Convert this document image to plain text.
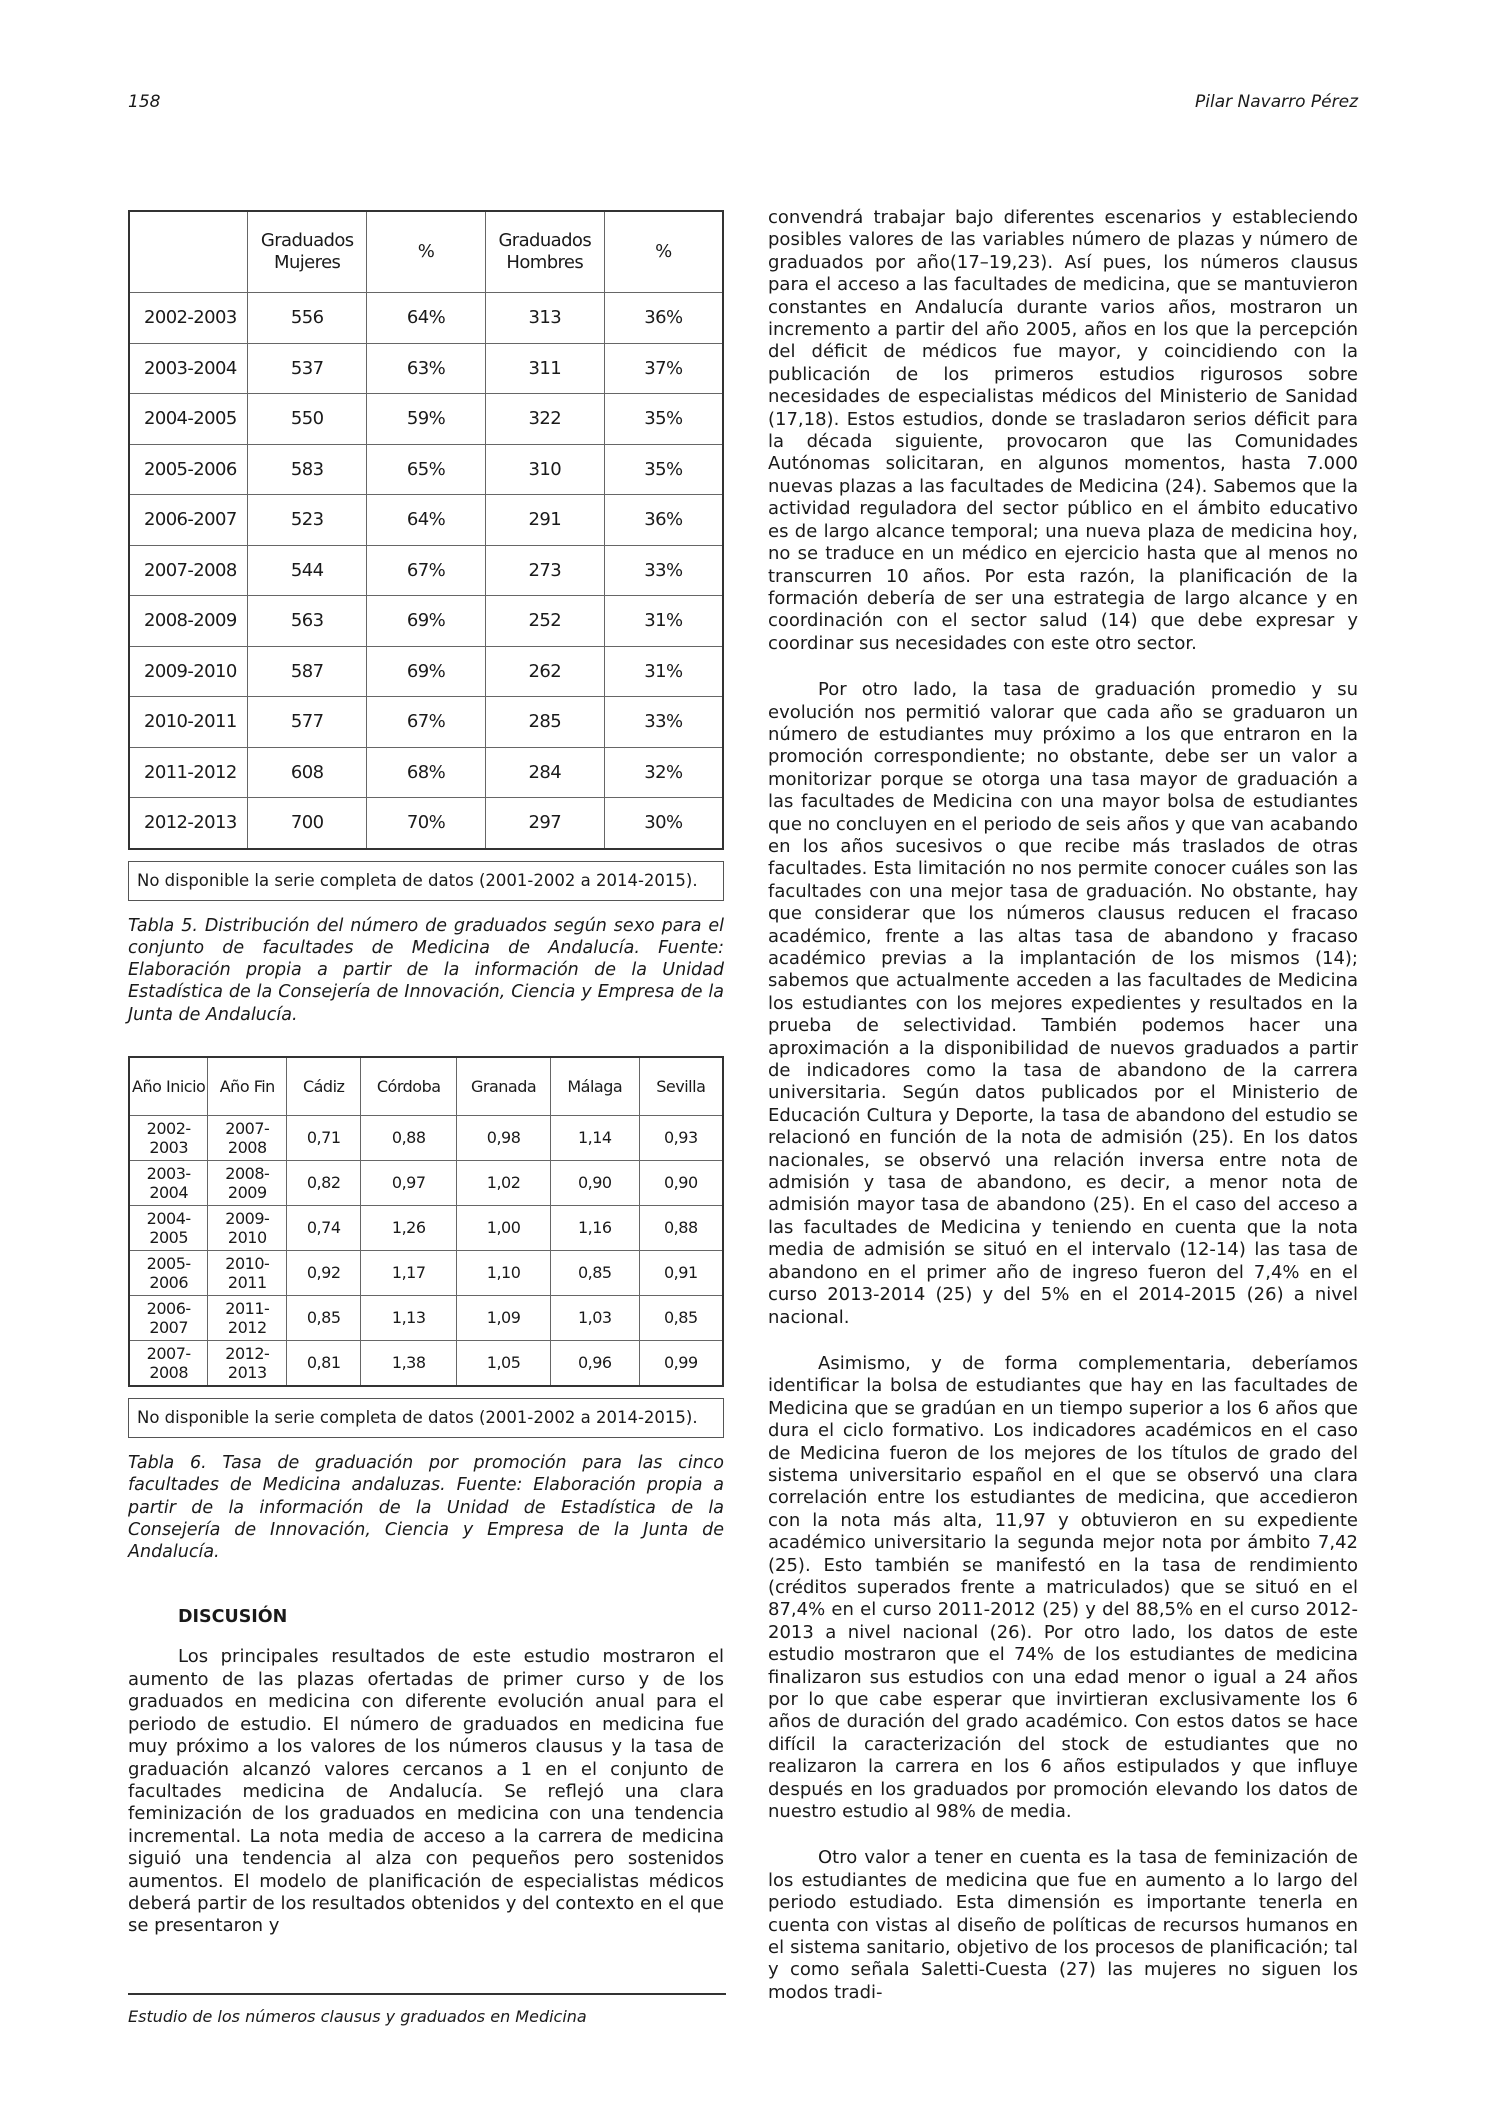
158	Pilar Navarro Pérez
	Graduados Mujeres	%	Graduados Hombres	%
2002-2003	556	64%	313	36%
2003-2004	537	63%	311	37%
2004-2005	550	59%	322	35%
2005-2006	583	65%	310	35%
2006-2007	523	64%	291	36%
2007-2008	544	67%	273	33%
2008-2009	563	69%	252	31%
2009-2010	587	69%	262	31%
2010-2011	577	67%	285	33%
2011-2012	608	68%	284	32%
2012-2013	700	70%	297	30%
No disponible la serie completa de datos (2001-2002 a 2014-2015).
Tabla 5. Distribución del número de graduados según sexo para el conjunto de facultades de Medicina de Andalucía. Fuente: Elaboración propia a partir de la información de la Unidad Estadística de la Consejería de Innovación, Ciencia y Empresa de la Junta de Andalucía.
Año Inicio	Año Fin	Cádiz	Córdoba	Granada	Málaga	Sevilla
2002-2003	2007-2008	0,71	0,88	0,98	1,14	0,93
2003-2004	2008-2009	0,82	0,97	1,02	0,90	0,90
2004-2005	2009-2010	0,74	1,26	1,00	1,16	0,88
2005-2006	2010-2011	0,92	1,17	1,10	0,85	0,91
2006-2007	2011-2012	0,85	1,13	1,09	1,03	0,85
2007-2008	2012-2013	0,81	1,38	1,05	0,96	0,99
No disponible la serie completa de datos (2001-2002 a 2014-2015).
Tabla 6. Tasa de graduación por promoción para las cinco facultades de Medicina andaluzas. Fuente: Elaboración propia a partir de la información de la Unidad de Estadística de la Consejería de Innovación, Ciencia y Empresa de la Junta de Andalucía.
DISCUSIÓN

Los principales resultados de este estudio mostraron el aumento de las plazas ofertadas de primer curso y de los graduados en medicina con diferente evolución anual para el periodo de estudio. El número de graduados en medicina fue muy próximo a los valores de los números clausus y la tasa de graduación alcanzó valores cercanos a 1 en el conjunto de facultades medicina de Andalucía. Se reflejó una clara feminización de los graduados en medicina con una tendencia incremental. La nota media de acceso a la carrera de medicina siguió una tendencia al alza con pequeños pero sostenidos aumentos. El modelo de planificación de especialistas médicos deberá partir de los resultados obtenidos y del contexto en el que se presentaron y

convendrá trabajar bajo diferentes escenarios y estableciendo posibles valores de las variables número de plazas y número de graduados por año(17–19,23). Así pues, los números clausus para el acceso a las facultades de medicina, que se mantuvieron constantes en Andalucía durante varios años, mostraron un incremento a partir del año 2005, años en los que la percepción del déficit de médicos fue mayor, y coincidiendo con la publicación de los primeros estudios rigurosos sobre necesidades de especialistas médicos del Ministerio de Sanidad (17,18). Estos estudios, donde se trasladaron serios déficit para la década siguiente, provocaron que las Comunidades Autónomas solicitaran, en algunos momentos, hasta 7.000 nuevas plazas a las facultades de Medicina (24). Sabemos que la actividad reguladora del sector público en el ámbito educativo es de largo alcance temporal; una nueva plaza de medicina hoy, no se traduce en un médico en ejercicio hasta que al menos no transcurren 10 años. Por esta razón, la planificación de la formación debería de ser una estrategia de largo alcance y en coordinación con el sector salud (14) que debe expresar y coordinar sus necesidades con este otro sector.

Por otro lado, la tasa de graduación promedio y su evolución nos permitió valorar que cada año se graduaron un número de estudiantes muy próximo a los que entraron en la promoción correspondiente; no obstante, debe ser un valor a monitorizar porque se otorga una tasa mayor de graduación a las facultades de Medicina con una mayor bolsa de estudiantes que no concluyen en el periodo de seis años y que van acabando en los años sucesivos o que recibe más traslados de otras facultades. Esta limitación no nos permite conocer cuáles son las facultades con una mejor tasa de graduación. No obstante, hay que considerar que los números clausus reducen el fracaso académico, frente a las altas tasa de abandono y fracaso académico previas a la implantación de los mismos (14); sabemos que actualmente acceden a las facultades de Medicina los estudiantes con los mejores expedientes y resultados en la prueba de selectividad. También podemos hacer una aproximación a la disponibilidad de nuevos graduados a partir de indicadores como la tasa de abandono de la carrera universitaria. Según datos publicados por el Ministerio de Educación Cultura y Deporte, la tasa de abandono del estudio se relacionó en función de la nota de admisión (25). En los datos nacionales, se observó una relación inversa entre nota de admisión y tasa de abandono, es decir, a menor nota de admisión mayor tasa de abandono (25). En el caso del acceso a las facultades de Medicina y teniendo en cuenta que la nota media de admisión se situó en el intervalo (12-14) las tasa de abandono en el primer año de ingreso fueron del 7,4% en el curso 2013-2014 (25) y del 5% en el 2014-2015 (26) a nivel nacional.

Asimismo, y de forma complementaria, deberíamos identificar la bolsa de estudiantes que hay en las facultades de Medicina que se gradúan en un tiempo superior a los 6 años que dura el ciclo formativo. Los indicadores académicos en el caso de Medicina fueron de los mejores de los títulos de grado del sistema universitario español en el que se observó una clara correlación entre los estudiantes de medicina, que accedieron con la nota más alta, 11,97 y obtuvieron en su expediente académico universitario la segunda mejor nota por ámbito 7,42 (25). Esto también se manifestó en la tasa de rendimiento (créditos superados frente a matriculados) que se situó en el 87,4% en el curso 2011-2012 (25) y del 88,5% en el curso 2012-2013 a nivel nacional (26). Por otro lado, los datos de este estudio mostraron que el 74% de los estudiantes de medicina finalizaron sus estudios con una edad menor o igual a 24 años por lo que cabe esperar que invirtieran exclusivamente los 6 años de duración del grado académico. Con estos datos se hace difícil la caracterización del stock de estudiantes que no realizaron la carrera en los 6 años estipulados y que influye después en los graduados por promoción elevando los datos de nuestro estudio al 98% de media.

Otro valor a tener en cuenta es la tasa de feminización de los estudiantes de medicina que fue en aumento a lo largo del periodo estudiado. Esta dimensión es importante tenerla en cuenta con vistas al diseño de políticas de recursos humanos en el sistema sanitario, objetivo de los procesos de planificación; tal y como señala Saletti-Cuesta (27) las mujeres no siguen los modos tradi-

Estudio de los números clausus y graduados en Medicina
